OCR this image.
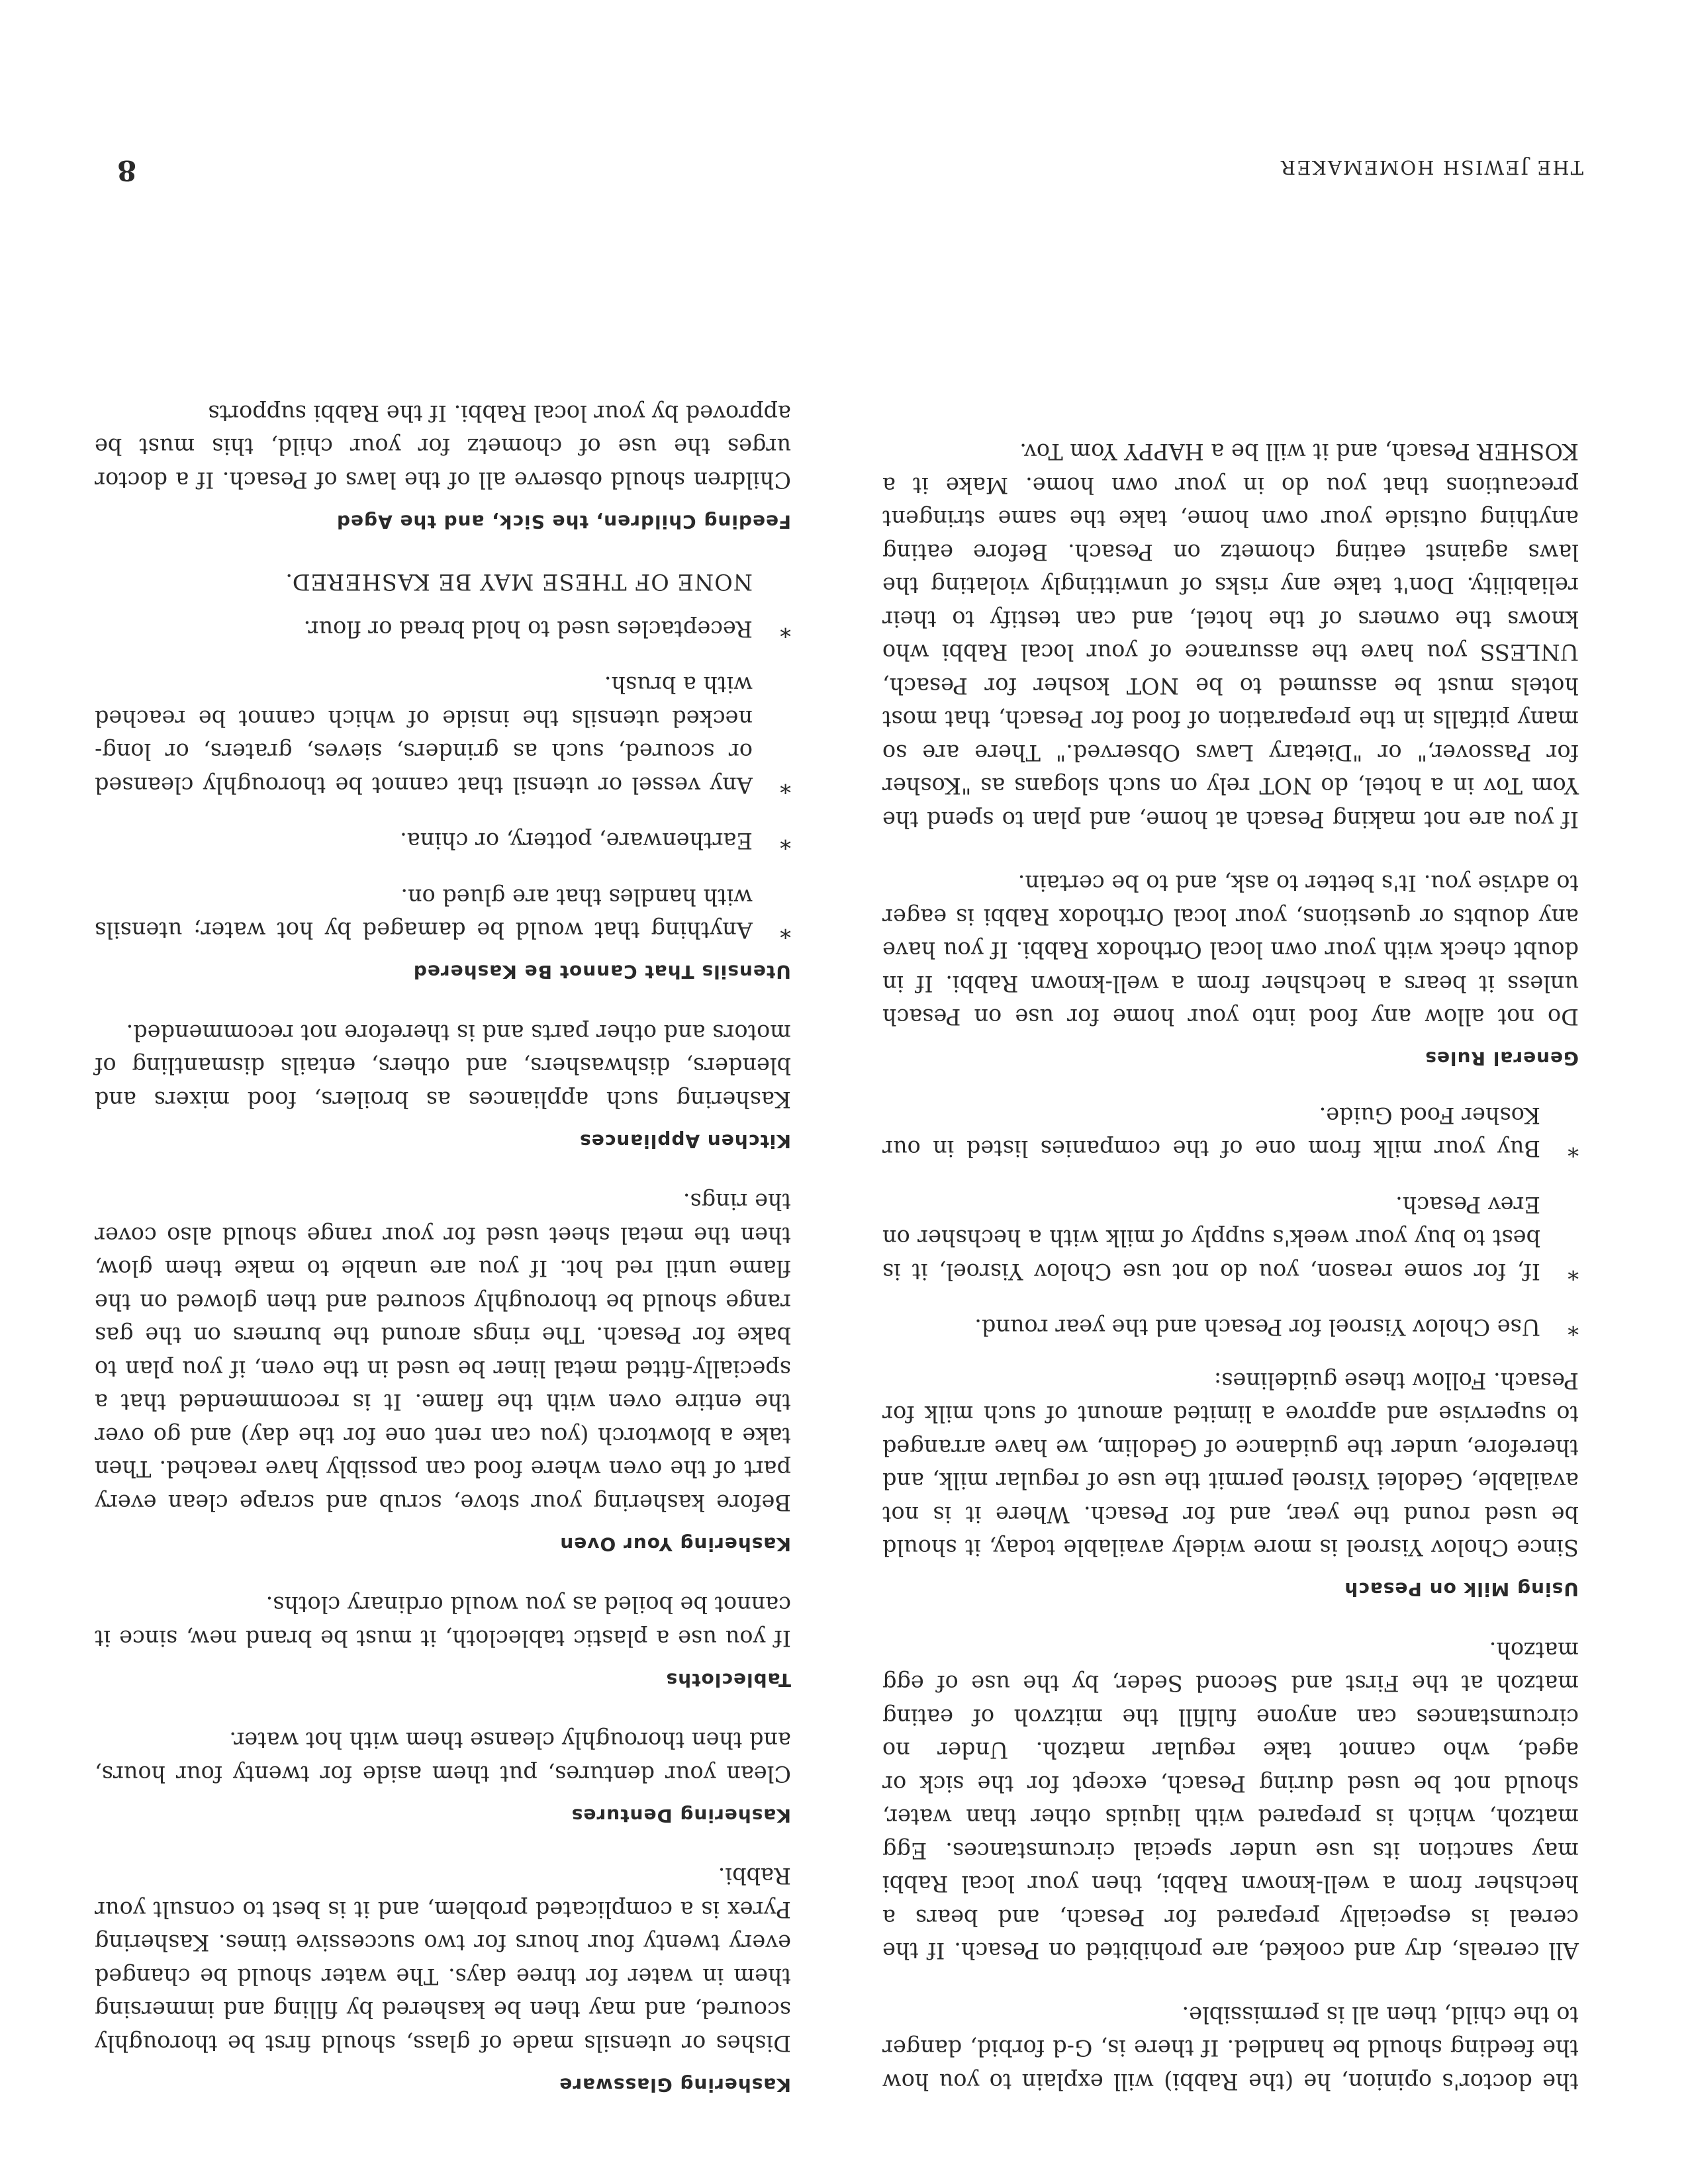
the doctor's opinion, he (the Rabbi) will explain to you how the feeding should be handled. If there is, G-d forbid, danger to the child, then all is permissible.

All cereals, dry and cooked, are prohibited on Pesach. If the cereal is especially prepared for Pesach, and bears a hechsher from a well-known Rabbi, then your local Rabbi may sanction its use under special circumstances. Egg matzoh, which is prepared with liquids other than water, should not be used during Pesach, except for the sick or aged, who cannot take regular matzoh. Under no circumstances can anyone fulfill the mitzvoh of eating matzoh at the First and Second Seder, by the use of egg matzoh.

Using Milk on Pesach

Since Cholov Yisroel is more widely available today, it should be used round the year, and for Pesach. Where it is not available, Gedolei Yisroel permit the use of regular milk, and therefore, under the guidance of Gedolim, we have arranged to supervise and approve a limited amount of such milk for Pesach. Follow these guidelines:

*
Use Cholov Yisroel for Pesach and the year round.
*
If, for some reason, you do not use Cholov Yisroel, it is best to buy your week's supply of milk with a hechsher on Erev Pesach.
*
Buy your milk from one of the companies listed in our Kosher Food Guide.
General Rules

Do not allow any food into your home for use on Pesach unless it bears a hechsher from a well-known Rabbi. If in doubt check with your own local Orthodox Rabbi. If you have any doubts or questions, your local Orthodox Rabbi is eager to advise you. It's better to ask, and to be certain.

If you are not making Pesach at home, and plan to spend the Yom Tov in a hotel, do NOT rely on such slogans as "Kosher for Passover," or "Dietary Laws Observed." There are so many pitfalls in the preparation of food for Pesach, that most hotels must be assumed to be NOT kosher for Pesach, UNLESS you have the assurance of your local Rabbi who knows the owners of the hotel, and can testify to their reliability. Don't take any risks of unwittingly violating the laws against eating chometz on Pesach. Before eating anything outside your own home, take the same stringent precautions that you do in your own home. Make it a KOSHER Pesach, and it will be a HAPPY Yom Tov.

Kashering Glassware

Dishes or utensils made of glass, should first be thoroughly scoured, and may then be kashered by filling and immersing them in water for three days. The water should be changed every twenty four hours for two successive times. Kashering Pyrex is a complicated problem, and it is best to consult your Rabbi.

Kashering Dentures

Clean your dentures, put them aside for twenty four hours, and then thoroughly cleanse them with hot water.

Tablecloths

If you use a plastic tablecloth, it must be brand new, since it cannot be boiled as you would ordinary cloths.

Kashering Your Oven

Before kashering your stove, scrub and scrape clean every part of the oven where food can possibly have reached. Then take a blowtorch (you can rent one for the day) and go over the entire oven with the flame. It is recommended that a specially-fitted metal liner be used in the oven, if you plan to bake for Pesach. The rings around the burners on the gas range should be thoroughly scoured and then glowed on the flame until red hot. If you are unable to make them glow, then the metal sheet used for your range should also cover the rings.

Kitchen Appliances

Kashering such appliances as broilers, food mixers and blenders, dishwashers, and others, entails dismantling of motors and other parts and is therefore not recommended.

Utensils That Cannot Be Kashered
*
Anything that would be damaged by hot water; utensils with handles that are glued on.
*
Earthenware, pottery, or china.
*
Any vessel or utensil that cannot be thoroughly cleansed or scoured, such as grinders, sieves, graters, or long-necked utensils the inside of which cannot be reached with a brush.
*
Receptacles used to hold bread or flour.
NONE OF THESE MAY BE KASHERED.
Feeding Children, the Sick, and the Aged

Children should observe all of the laws of Pesach. If a doctor urges the use of chometz for your child, this must be approved by your local Rabbi. If the Rabbi supports

THE JEWISH HOMEMAKER
8
